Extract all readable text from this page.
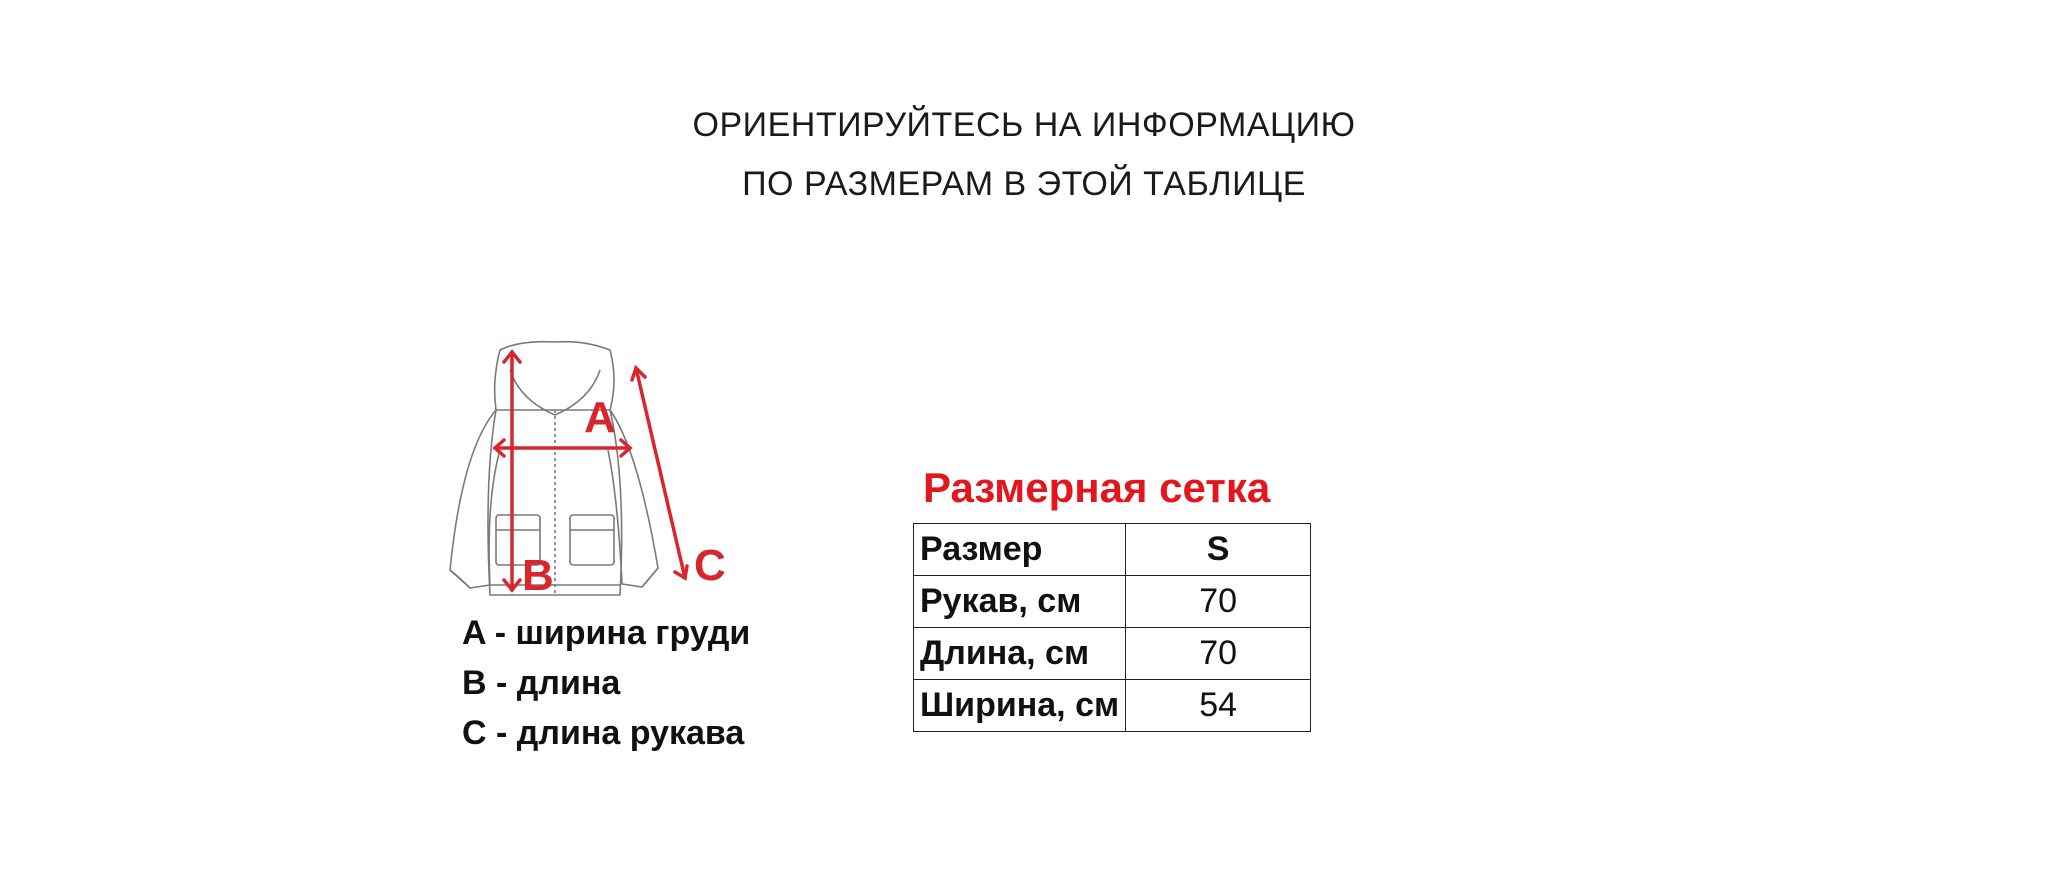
ОРИЕНТИРУЙТЕСЬ НА ИНФОРМАЦИЮ
ПО РАЗМЕРАМ В ЭТОЙ ТАБЛИЦЕ
A
B	C
A - ширина груди
B - длина
C - длина рукава
Размерная сетка
Размер	S
Рукав, см	70
Длина, см	70
Ширина, см	54
